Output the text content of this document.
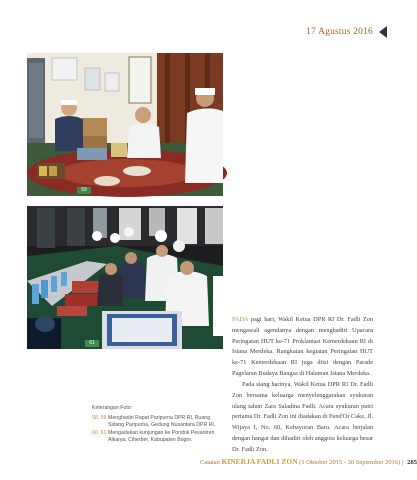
17 Agustus 2016
59
61
Keterangan Foto:
58, 59 Menghadiri Rapat Paripurna DPR RI, Ruang Sidang Paripurna, Gedung Nusantara DPR RI.
60, 61 Mengadakan kunjungan ke Pondok Pesantren Alkarya, Ciherber, Kabupaten Bogor.

PADA pagi hari, Wakil Ketua DPR RI Dr. Fadli Zon mengawali agendanya dengan menghadiri Upacara Peringatan HUT ke-71 Proklamasi Kemerdekaan RI di Istana Merdeka. Rangkaian kegiatan Peringatan HUT ke-71 Kemerdekaan RI juga diisi dengan Parade Pagelaran Budaya Bangsa di Halaman Istana Merdeka.

Pada siang harinya, Wakil Ketua DPR RI Dr. Fadli Zon bersama keluarga menyelenggarakan syukuran ulang tahun Zara Saladina Fadli. Acara syukuran putri pertama Dr. Fadli Zon ini diadakan di Pand'Or Cake, Jl. Wijaya I, No. 60, Kebayoran Baru. Acara berjalan dengan hangat dan dihadiri oleh anggota keluarga besar Dr. Fadli Zon.

Catatan KINERJA FADLI ZON (1 Oktober 2015 - 30 September 2016) | 285
